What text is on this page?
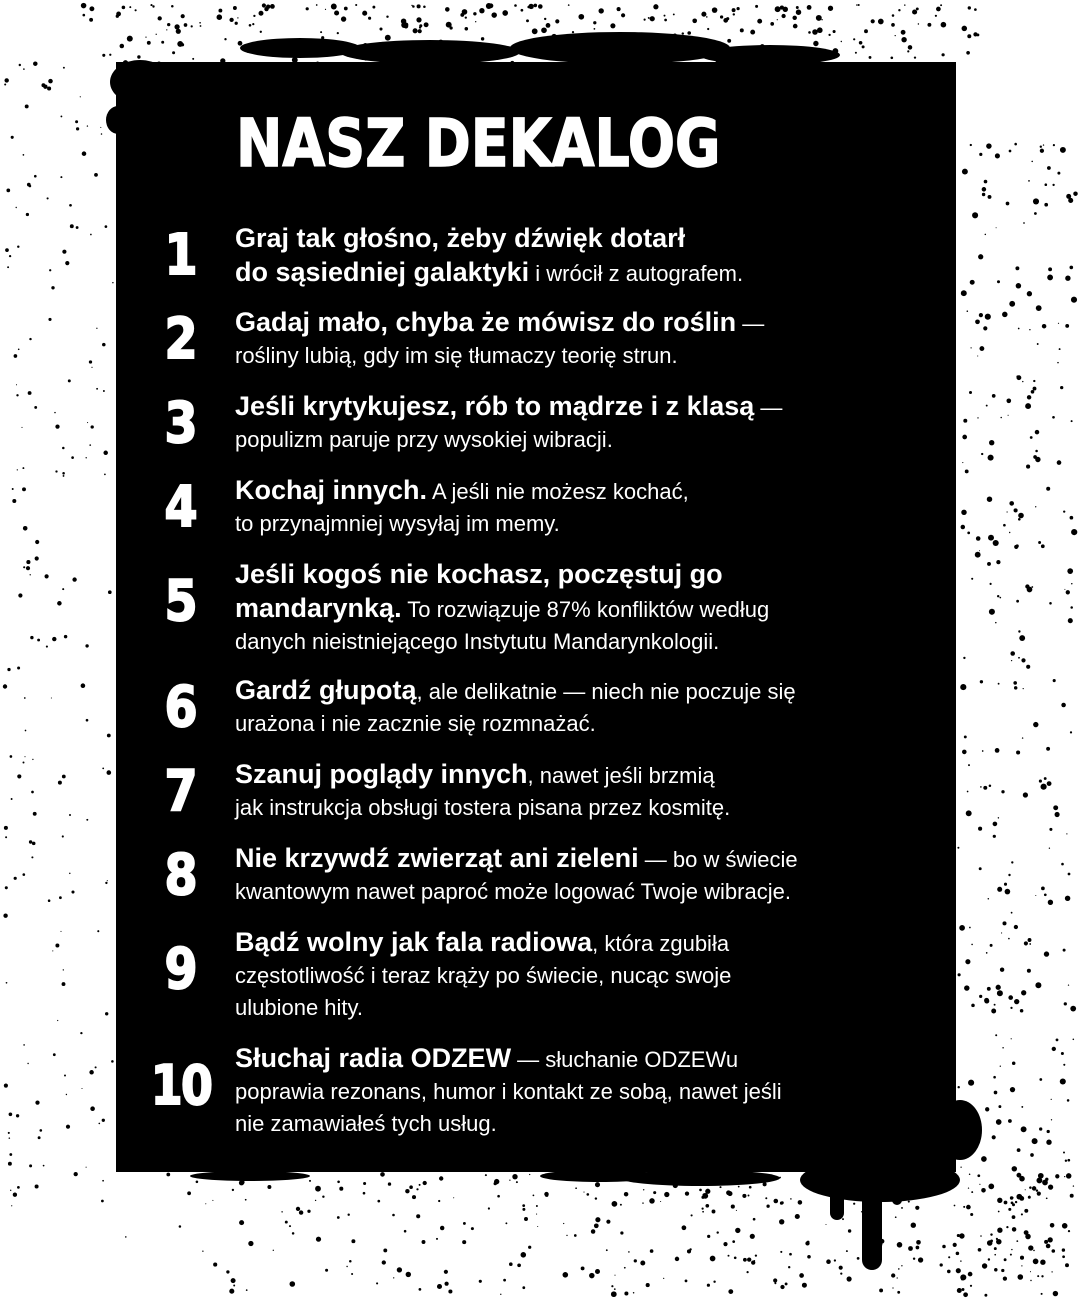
NASZ DEKALOG
1	Graj tak głośno, żeby dźwięk dotarł
do sąsiedniej galaktyki i wrócił z autografem.
2	Gadaj mało, chyba że mówisz do roślin —
rośliny lubią, gdy im się tłumaczy teorię strun.
3	Jeśli krytykujesz, rób to mądrze i z klasą —
populizm paruje przy wysokiej wibracji.
4	Kochaj innych. A jeśli nie możesz kochać,
to przynajmniej wysyłaj im memy.
5	Jeśli kogoś nie kochasz, poczęstuj go
mandarynką. To rozwiązuje 87% konfliktów według
danych nieistniejącego Instytutu Mandarynkologii.
6	Gardź głupotą, ale delikatnie — niech nie poczuje się
urażona i nie zacznie się rozmnażać.
7	Szanuj poglądy innych, nawet jeśli brzmią
jak instrukcja obsługi tostera pisana przez kosmitę.
8	Nie krzywdź zwierząt ani zieleni — bo w świecie
kwantowym nawet paproć może logować Twoje wibracje.
9	Bądź wolny jak fala radiowa, która zgubiła
częstotliwość i teraz krąży po świecie, nucąc swoje
ulubione hity.
10 Słuchaj radia ODZEW — słuchanie ODZEWu
poprawia rezonans, humor i kontakt ze sobą, nawet jeśli
nie zamawiałeś tych usług.
